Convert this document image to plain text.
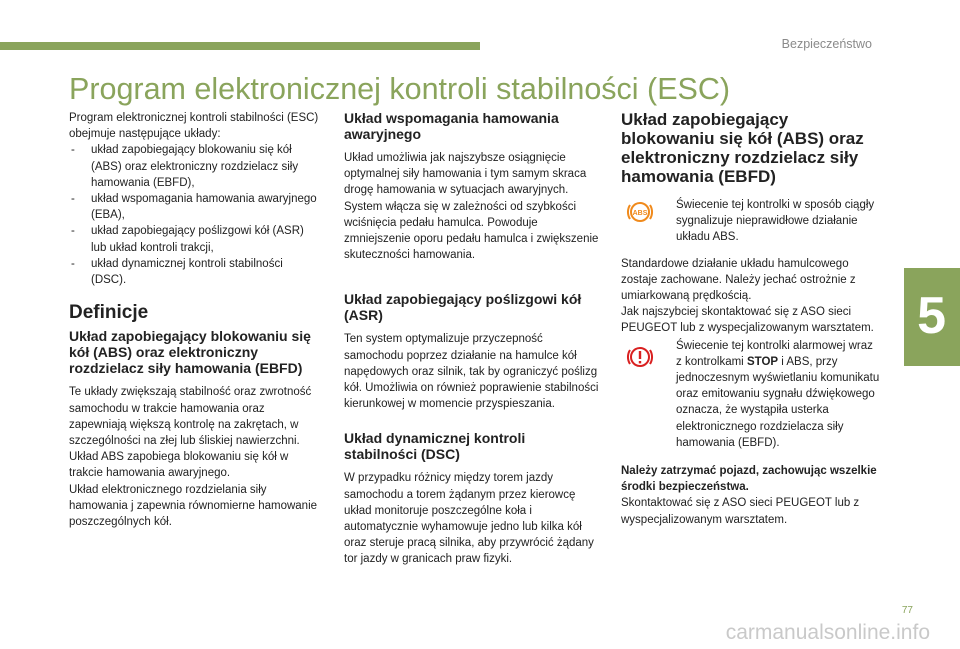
Bezpieczeństwo
5
Program elektronicznej kontroli stabilności (ESC)

Program elektronicznej kontroli stabilności (ESC) obejmuje następujące układy:

- układ zapobiegający blokowaniu się kół (ABS) oraz elektroniczny rozdzielacz siły hamowania (EBFD),
- układ wspomagania hamowania awaryjnego (EBA),
- układ zapobiegający poślizgowi kół (ASR) lub układ kontroli trakcji,
- układ dynamicznej kontroli stabilności (DSC).
Definicje
Układ zapobiegający blokowaniu się kół (ABS) oraz elektroniczny rozdzielacz siły hamowania (EBFD)

Te układy zwiększają stabilność oraz zwrotność samochodu w trakcie hamowania oraz zapewniają większą kontrolę na zakrętach, w szczególności na złej lub śliskiej nawierzchni.

Układ ABS zapobiega blokowaniu się kół w trakcie hamowania awaryjnego.

Układ elektronicznego rozdzielania siły hamowania j zapewnia równomierne hamowanie poszczególnych kół.

Układ wspomagania hamowania awaryjnego

Układ umożliwia jak najszybsze osiągnięcie optymalnej siły hamowania i tym samym skraca drogę hamowania w sytuacjach awaryjnych.

System włącza się w zależności od szybkości wciśnięcia pedału hamulca. Powoduje zmniejszenie oporu pedału hamulca i zwiększenie skuteczności hamowania.

Układ zapobiegający poślizgowi kół (ASR)

Ten system optymalizuje przyczepność samochodu poprzez działanie na hamulce kół napędowych oraz silnik, tak by ograniczyć poślizg kół. Umożliwia on również poprawienie stabilności kierunkowej w momencie przyspieszania.

Układ dynamicznej kontroli stabilności (DSC)

W przypadku różnicy między torem jazdy samochodu a torem żądanym przez kierowcę układ monitoruje poszczególne koła i automatycznie wyhamowuje jedno lub kilka kół oraz steruje pracą silnika, aby przywrócić żądany tor jazdy w granicach praw fizyki.

Układ zapobiegający blokowaniu się kół (ABS) oraz elektroniczny rozdzielacz siły hamowania (EBFD)
ABS

Świecenie tej kontrolki w sposób ciągły sygnalizuje nieprawidłowe działanie układu ABS.

Standardowe działanie układu hamulcowego zostaje zachowane. Należy jechać ostrożnie z umiarkowaną prędkością.

Jak najszybciej skontaktować się z ASO sieci PEUGEOT lub z wyspecjalizowanym warsztatem.

Świecenie tej kontrolki alarmowej wraz z kontrolkami STOP i ABS, przy jednoczesnym wyświetlaniu komunikatu oraz emitowaniu sygnału dźwiękowego oznacza, że wystąpiła usterka elektronicznego rozdzielacza siły hamowania (EBFD).

Należy zatrzymać pojazd, zachowując wszelkie środki bezpieczeństwa.

Skontaktować się z ASO sieci PEUGEOT lub z wyspecjalizowanym warsztatem.

77
carmanualsonline.info
